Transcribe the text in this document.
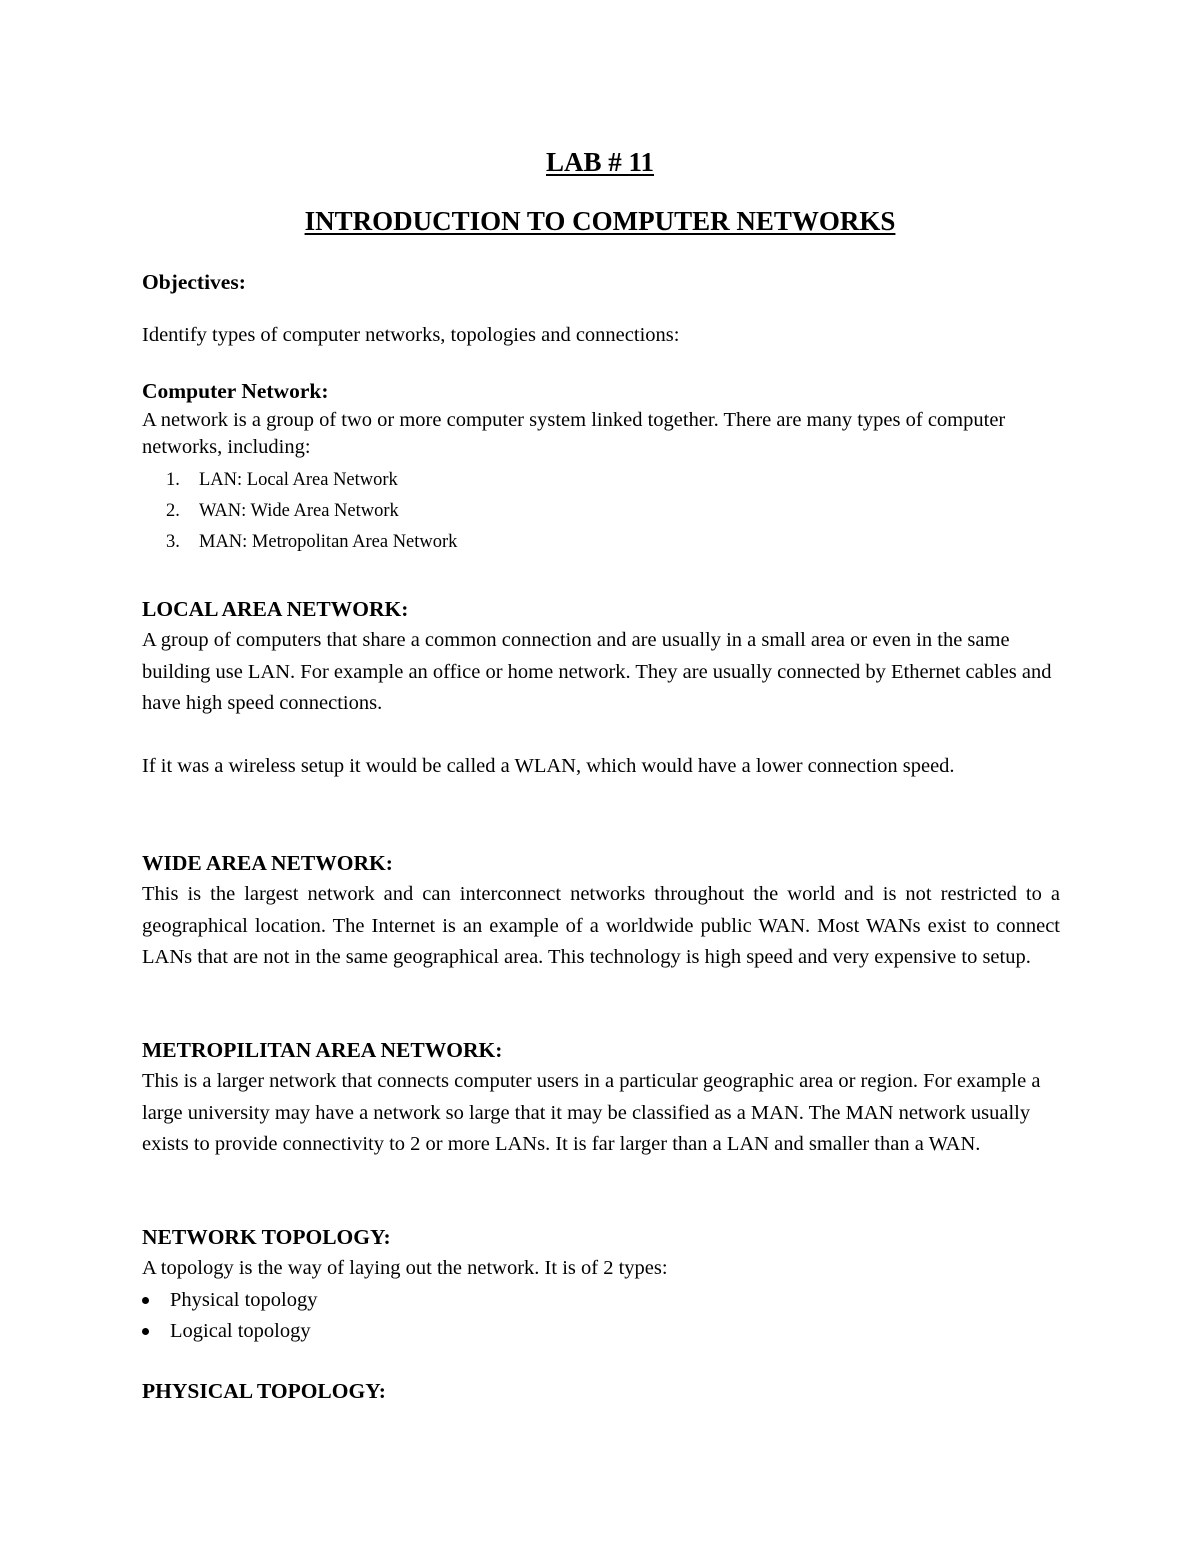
LAB # 11
INTRODUCTION TO COMPUTER NETWORKS

Objectives:

Identify types of computer networks, topologies and connections:

Computer Network:

A network is a group of two or more computer system linked together. There are many types of computer networks, including:

1. LAN: Local Area Network
2. WAN: Wide Area Network
3. MAN: Metropolitan Area Network

LOCAL AREA NETWORK:

A group of computers that share a common connection and are usually in a small area or even in the same building use LAN. For example an office or home network. They are usually connected by Ethernet cables and have high speed connections.

If it was a wireless setup it would be called a WLAN, which would have a lower connection speed.

WIDE AREA NETWORK:

This is the largest network and can interconnect networks throughout the world and is not restricted to a geographical location. The Internet is an example of a worldwide public WAN. Most WANs exist to connect LANs that are not in the same geographical area. This technology is high speed and very expensive to setup.

METROPILITAN AREA NETWORK:

This is a larger network that connects computer users in a particular geographic area or region. For example a large university may have a network so large that it may be classified as a MAN. The MAN network usually exists to provide connectivity to 2 or more LANs. It is far larger than a LAN and smaller than a WAN.

NETWORK TOPOLOGY:

A topology is the way of laying out the network. It is of 2 types:

Physical topology
Logical topology

PHYSICAL TOPOLOGY:
